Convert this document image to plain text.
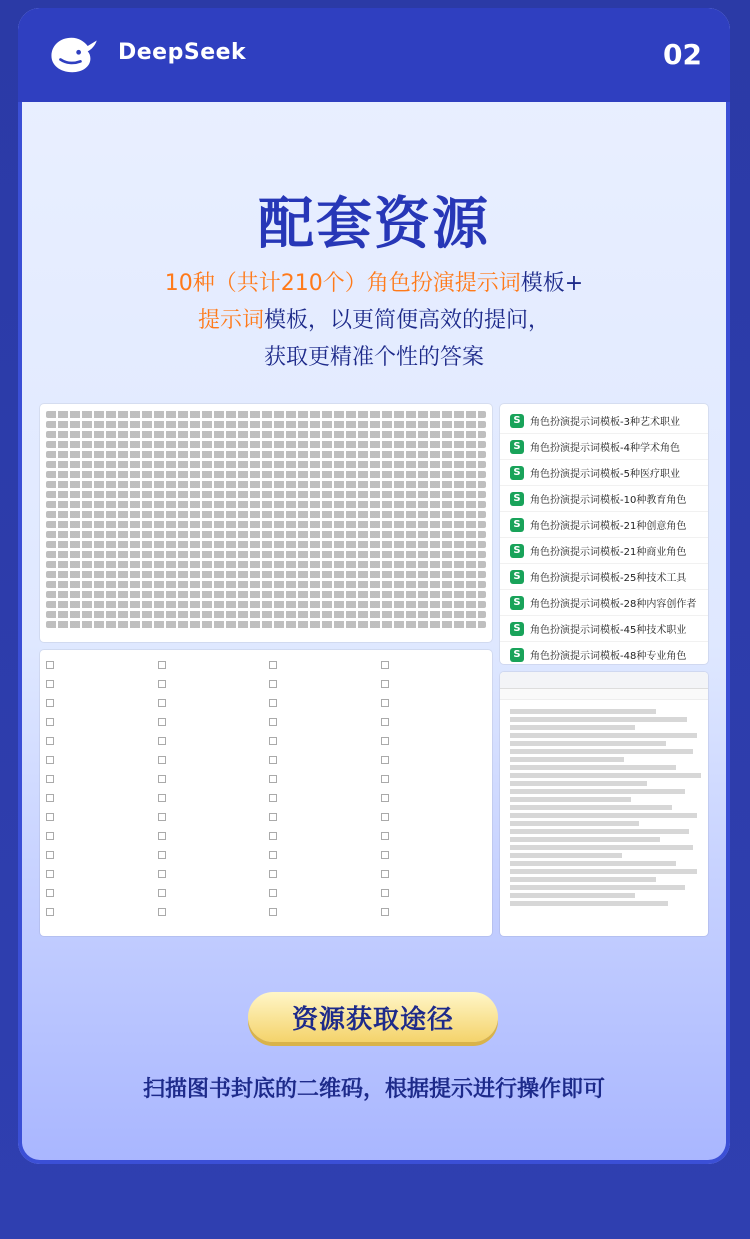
DeepSeek	02
配套资源
10种（共计210个）角色扮演提示词模板+
提示词模板，以更简便高效的提问，
获取更精准个性的答案
S 角色扮演提示词模板-3种艺术职业
S 角色扮演提示词模板-4种学术角色
S 角色扮演提示词模板-5种医疗职业
S 角色扮演提示词模板-10种教育角色
S 角色扮演提示词模板-21种创意角色
S 角色扮演提示词模板-21种商业角色
S 角色扮演提示词模板-25种技术工具
S 角色扮演提示词模板-28种内容创作者
S 角色扮演提示词模板-45种技术职业
S 角色扮演提示词模板-48种专业角色
资源获取途径
扫描图书封底的二维码，根据提示进行操作即可
